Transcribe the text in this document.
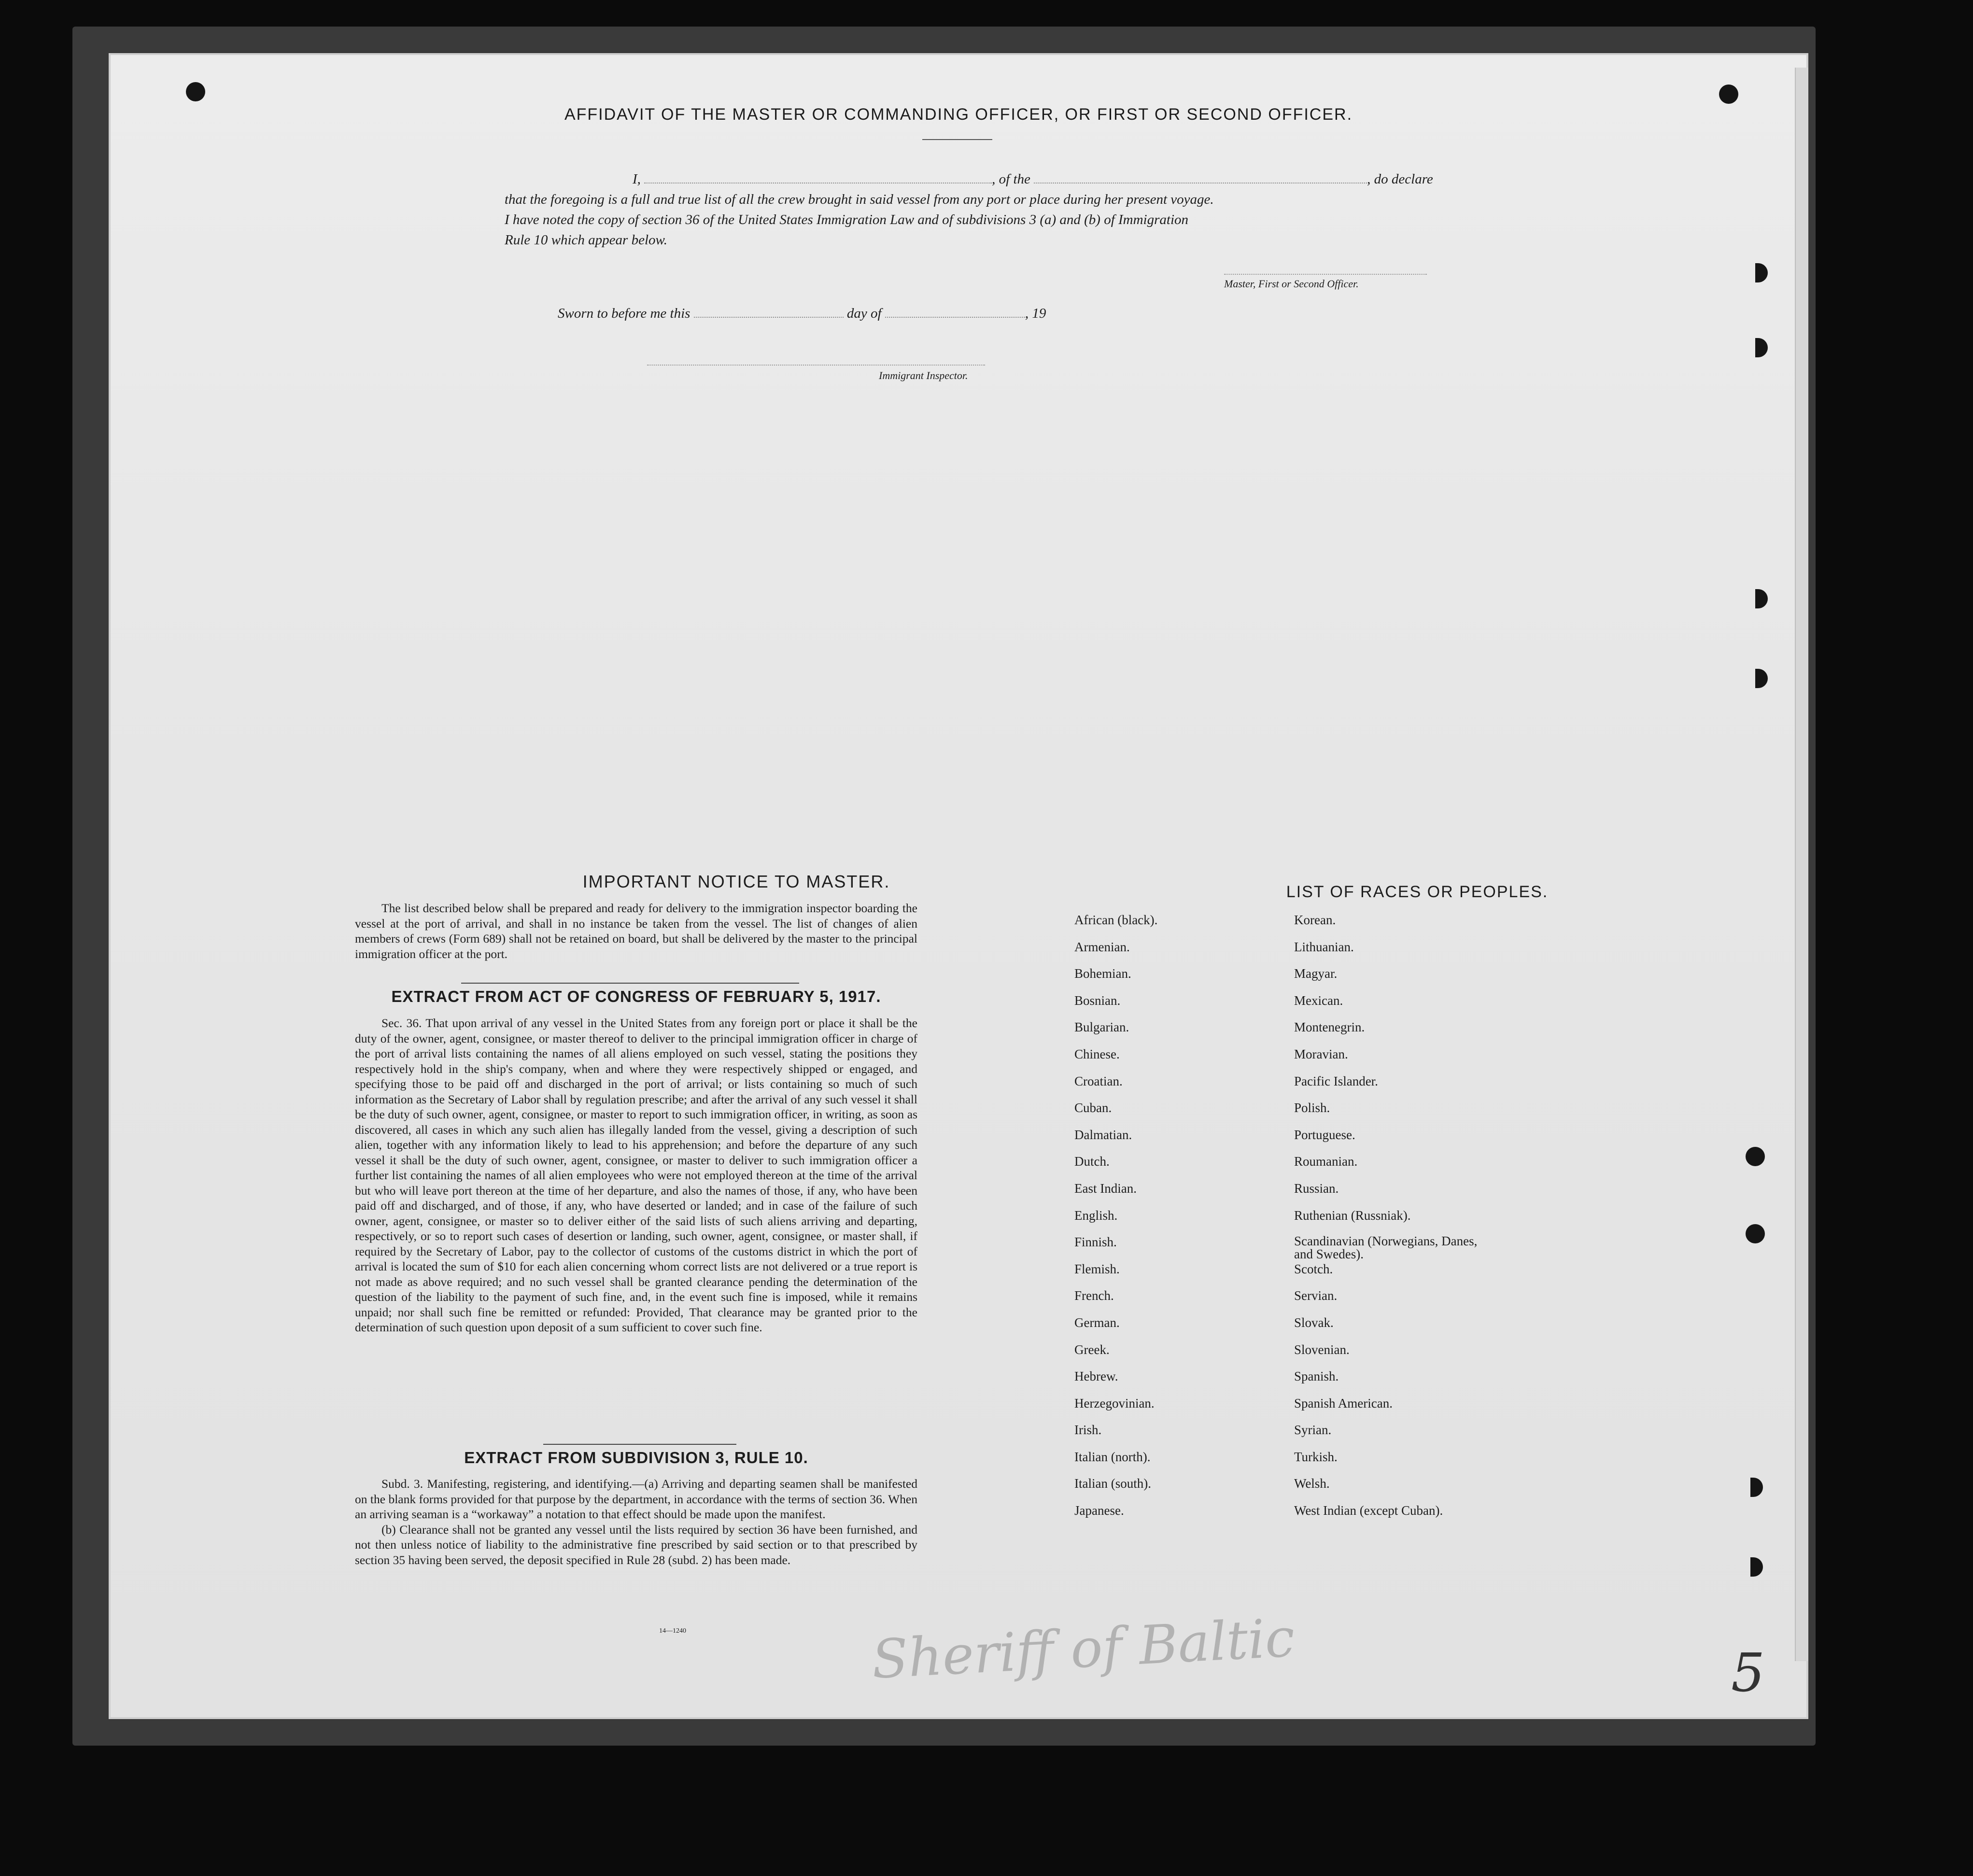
AFFIDAVIT OF THE MASTER OR COMMANDING OFFICER, OR FIRST OR SECOND OFFICER.
I,	, of the	, do declare
that the foregoing is a full and true list of all the crew brought in said vessel from any port or place during her present voyage.
I have noted the copy of section 36 of the United States Immigration Law and of subdivisions 3 (a) and (b) of Immigration
Rule 10 which appear below.
Master, First or Second Officer.
Sworn to before me this	day of	, 19
Immigrant Inspector.
IMPORTANT NOTICE TO MASTER.
The list described below shall be prepared and ready for delivery to the immigration inspector boarding the vessel at the port of arrival, and shall in no instance be taken from the vessel. The list of changes of alien members of crews (Form 689) shall not be retained on board, but shall be delivered by the master to the principal immigration officer at the port.
EXTRACT FROM ACT OF CONGRESS OF FEBRUARY 5, 1917.
Sec. 36. That upon arrival of any vessel in the United States from any foreign port or place it shall be the duty of the owner, agent, consignee, or master thereof to deliver to the principal immigration officer in charge of the port of arrival lists containing the names of all aliens employed on such vessel, stating the positions they respectively hold in the ship's company, when and where they were respectively shipped or engaged, and specifying those to be paid off and discharged in the port of arrival; or lists containing so much of such information as the Secretary of Labor shall by regulation prescribe; and after the arrival of any such vessel it shall be the duty of such owner, agent, consignee, or master to report to such immigration officer, in writing, as soon as discovered, all cases in which any such alien has illegally landed from the vessel, giving a description of such alien, together with any information likely to lead to his apprehension; and before the departure of any such vessel it shall be the duty of such owner, agent, consignee, or master to deliver to such immigration officer a further list containing the names of all alien employees who were not employed thereon at the time of the arrival but who will leave port thereon at the time of her departure, and also the names of those, if any, who have been paid off and discharged, and of those, if any, who have deserted or landed; and in case of the failure of such owner, agent, consignee, or master so to deliver either of the said lists of such aliens arriving and departing, respectively, or so to report such cases of desertion or landing, such owner, agent, consignee, or master shall, if required by the Secretary of Labor, pay to the collector of customs of the customs district in which the port of arrival is located the sum of $10 for each alien concerning whom correct lists are not delivered or a true report is not made as above required; and no such vessel shall be granted clearance pending the determination of the question of the liability to the payment of such fine, and, in the event such fine is imposed, while it remains unpaid; nor shall such fine be remitted or refunded: Provided, That clearance may be granted prior to the determination of such question upon deposit of a sum sufficient to cover such fine.
EXTRACT FROM SUBDIVISION 3, RULE 10.

Subd. 3. Manifesting, registering, and identifying.—(a) Arriving and departing seamen shall be manifested on the blank forms provided for that purpose by the department, in accordance with the terms of section 36. When an arriving seaman is a “workaway” a notation to that effect should be made upon the manifest.

(b) Clearance shall not be granted any vessel until the lists required by section 36 have been furnished, and not then unless notice of liability to the administrative fine prescribed by said section or to that prescribed by section 35 having been served, the deposit specified in Rule 28 (subd. 2) has been made.

14—1240
LIST OF RACES OR PEOPLES.
African (black).
Armenian.
Bohemian.
Bosnian.
Bulgarian.
Chinese.
Croatian.
Cuban.
Dalmatian.
Dutch.
East Indian.
English.
Finnish.
Flemish.
French.
German.
Greek.
Hebrew.
Herzegovinian.
Irish.
Italian (north).
Italian (south).
Japanese.
Korean.
Lithuanian.
Magyar.
Mexican.
Montenegrin.
Moravian.
Pacific Islander.
Polish.
Portuguese.
Roumanian.
Russian.
Ruthenian (Russniak).
Scandinavian (Norwegians, Danes, and Swedes).
Scotch.
Servian.
Slovak.
Slovenian.
Spanish.
Spanish American.
Syrian.
Turkish.
Welsh.
West Indian (except Cuban).
Sheriff of Baltic	5
